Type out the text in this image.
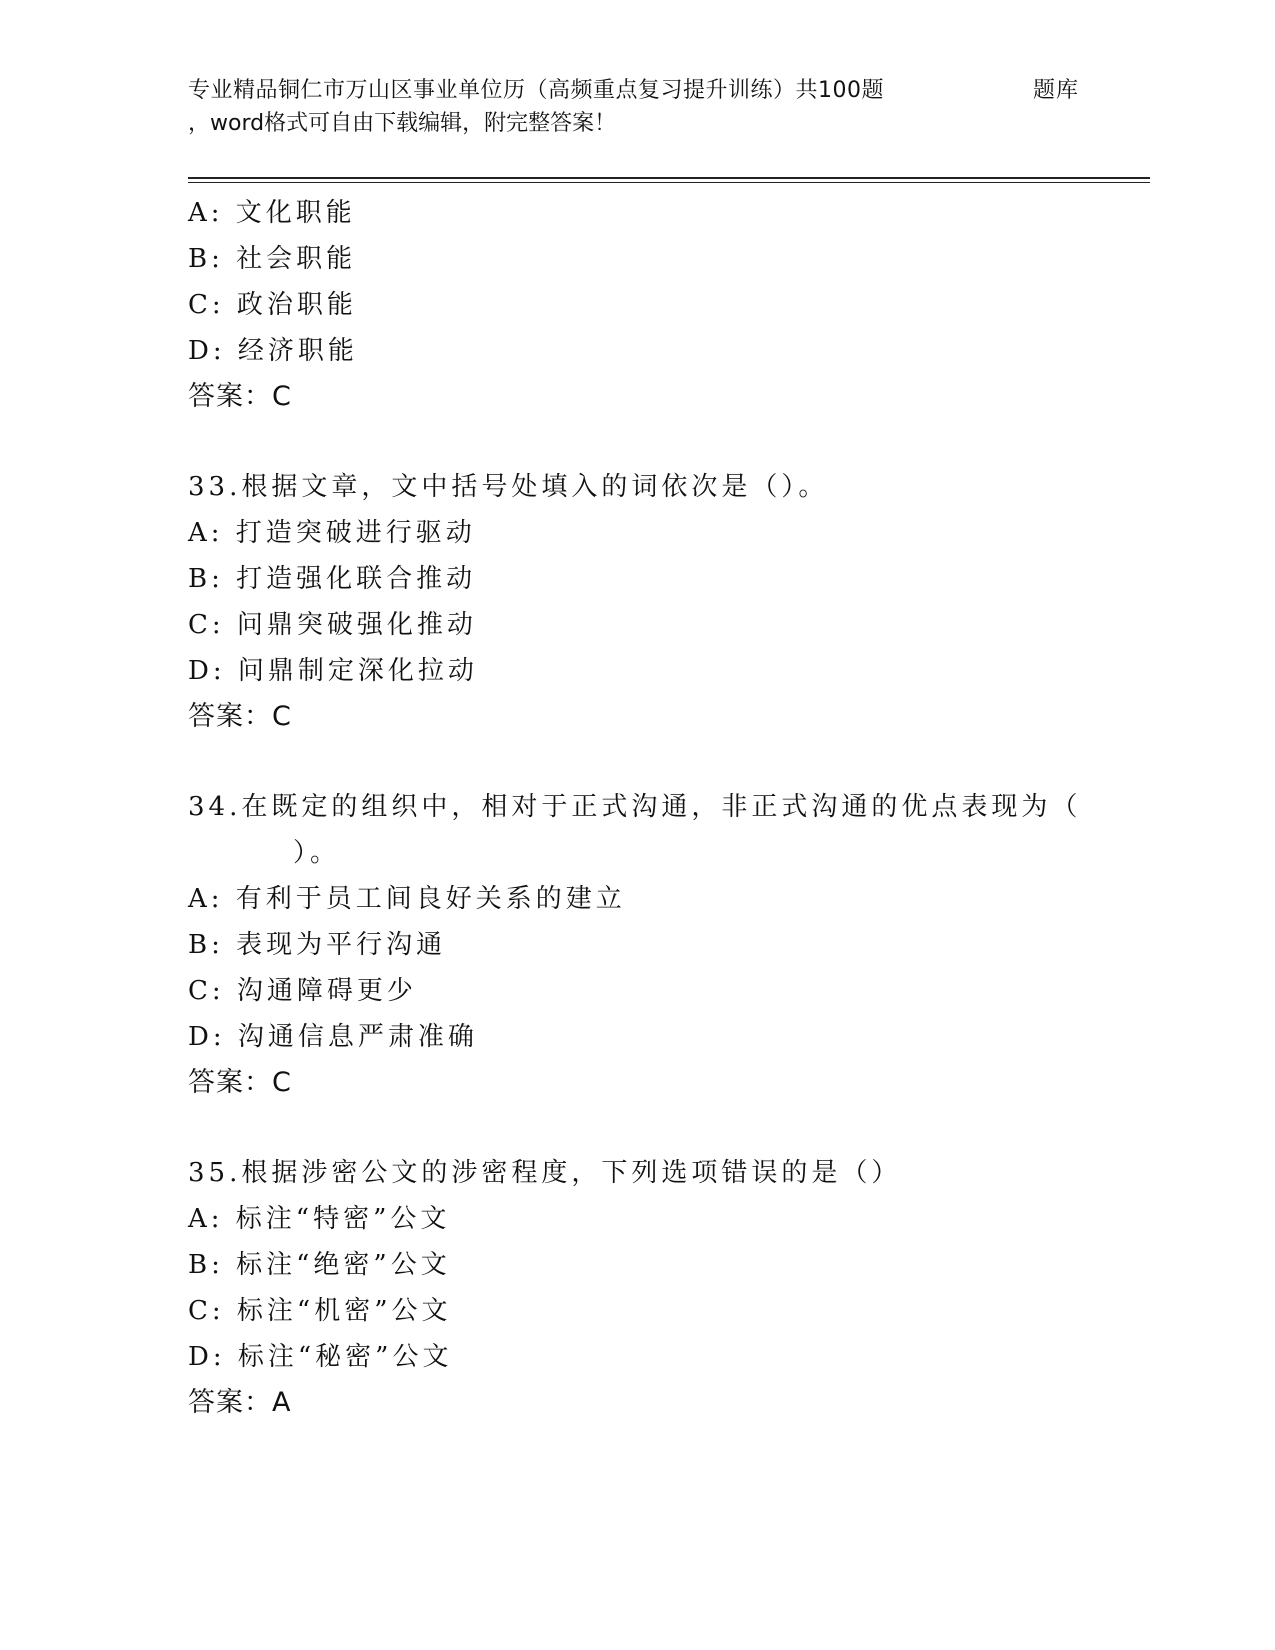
专业精品铜仁市万山区事业单位历（高频重点复习提升训练）共100题	题库
，word格式可自由下载编辑，附完整答案！
A: 文化职能
B: 社会职能
C: 政治职能
D: 经济职能
答案：C
33.根据文章，文中括号处填入的词依次是（）。
A: 打造突破进行驱动
B: 打造强化联合推动
C: 问鼎突破强化推动
D: 问鼎制定深化拉动
答案：C
34.在既定的组织中，相对于正式沟通，非正式沟通的优点表现为（
）。
A: 有利于员工间良好关系的建立
B: 表现为平行沟通
C: 沟通障碍更少
D: 沟通信息严肃准确
答案：C
35.根据涉密公文的涉密程度，下列选项错误的是（）
A: 标注“特密”公文
B: 标注“绝密”公文
C: 标注“机密”公文
D: 标注“秘密”公文
答案：A
